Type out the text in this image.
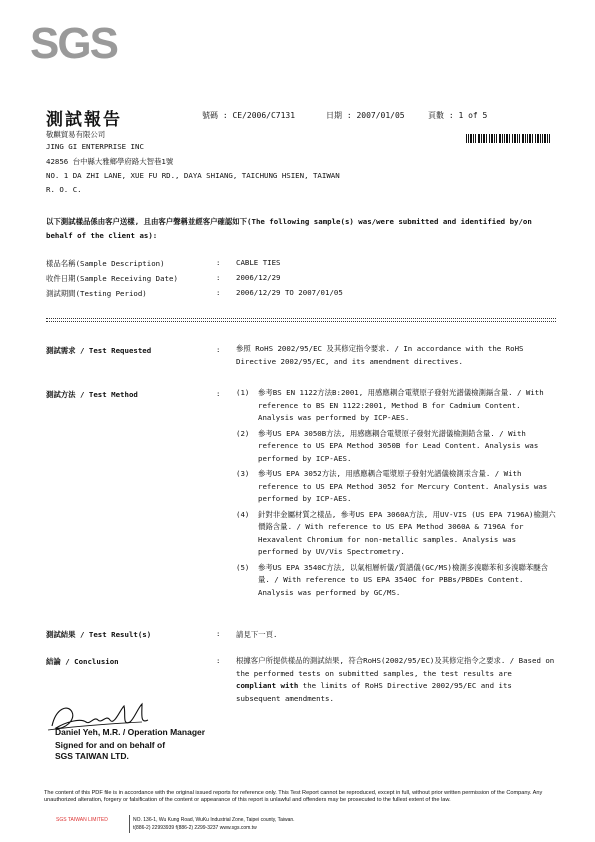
SGS
測試報告	號碼 : CE/2006/C7131	日期 : 2007/01/05	頁數 : 1 of 5
敬麒貿易有限公司
JING GI ENTERPRISE INC
42856 台中縣大雅鄉學府路大智巷1號
NO. 1 DA ZHI LANE, XUE FU RD., DAYA SHIANG, TAICHUNG HSIEN, TAIWAN
R. O. C.
以下測試樣品係由客户送樣, 且由客户聲稱並經客户確認如下(The following sample(s) was/were submitted and identified by/on behalf of the client as):
樣品名稱(Sample Description)	: CABLE TIES
收件日期(Sample Receiving Date)	: 2006/12/29
測試期間(Testing Period)	: 2006/12/29 TO 2007/01/05
測試需求 / Test Requested	: 參照 RoHS 2002/95/EC 及其修定指令要求. / In accordance with the RoHS Directive 2002/95/EC, and its amendment directives.
測試方法 / Test Method	: (1)	參考BS EN 1122方法B:2001, 用感應耦合電漿原子發射光譜儀檢測鎘含量. / With reference to BS EN 1122:2001, Method B for Cadmium Content. Analysis was performed by ICP-AES.
(2)	參考US EPA 3050B方法, 用感應耦合電漿原子發射光譜儀檢測鉛含量. / With reference to US EPA Method 3050B for Lead Content. Analysis was performed by ICP-AES.
(3)	參考US EPA 3052方法, 用感應耦合電漿原子發射光譜儀檢測汞含量. / With reference to US EPA Method 3052 for Mercury Content. Analysis was performed by ICP-AES.
(4)	針對非金屬材質之樣品, 參考US EPA 3060A方法, 用UV-VIS (US EPA 7196A)檢測六價鉻含量. / With reference to US EPA Method 3060A & 7196A for Hexavalent Chromium for non-metallic samples. Analysis was performed by UV/Vis Spectrometry.
(5)	參考US EPA 3540C方法, 以氣相層析儀/質譜儀(GC/MS)檢測多溴聯苯和多溴聯苯醚含量. / With reference to US EPA 3540C for PBBs/PBDEs Content. Analysis was performed by GC/MS.
測試結果 / Test Result(s)	: 請見下一頁.
結論 / Conclusion	: 根據客户所提供樣品的測試結果, 符合RoHS(2002/95/EC)及其修定指令之要求. / Based on the performed tests on submitted samples, the test results are compliant with the limits of RoHS Directive 2002/95/EC and its subsequent amendments.
Daniel Yeh, M.R. / Operation Manager
Signed for and on behalf of
SGS TAIWAN LTD.
The content of this PDF file is in accordance with the original issued reports for reference only. This Test Report cannot be reproduced, except in full, without prior written permission of the Company. Any unauthorized alteration, forgery or falsification of the content or appearance of this report is unlawful and offenders may be prosecuted to the fullest extent of the law.
SGS TAIWAN LIMITED	NO. 136-1, Wu Kung Road, WuKu Industrial Zone, Taipei county, Taiwan.
t(886-2) 22993939 f(886-2) 2299-3237 www.sgs.com.tw
